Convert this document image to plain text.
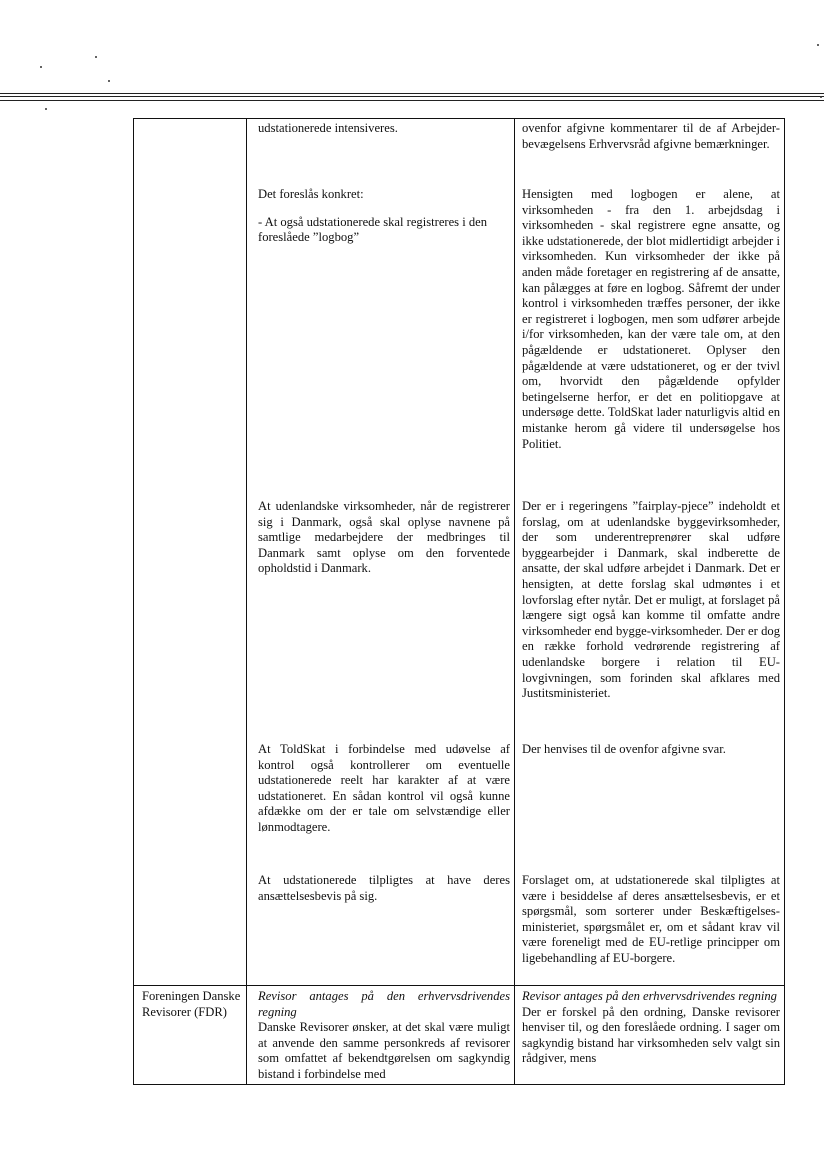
udstationerede intensiveres.	ovenfor afgivne kommentarer til de af Arbejder-bevægelsens Erhvervsråd afgivne bemærkninger.

Det foreslås konkret:

- At også udstationerede skal registreres i den foreslåede ”logbog”

Hensigten med logbogen er alene, at virksomheden - fra den 1. arbejdsdag i virksomheden - skal registrere egne ansatte, og ikke udstationerede, der blot midlertidigt arbejder i virksomheden. Kun virksomheder der ikke på anden måde foretager en registrering af de ansatte, kan pålægges at føre en logbog. Såfremt der under kontrol i virksomheden træffes personer, der ikke er registreret i logbogen, men som udfører arbejde i/for virksomheden, kan der være tale om, at den pågældende er udstationeret. Oplyser den pågældende at være udstationeret, og er der tvivl om, hvorvidt den pågældende opfylder betingelserne herfor, er det en politiopgave at undersøge dette. ToldSkat lader naturligvis altid en mistanke herom gå videre til undersøgelse hos Politiet.

At udenlandske virksomheder, når de registrerer sig i Danmark, også skal oplyse navnene på samtlige medarbejdere der medbringes til Danmark samt oplyse om den forventede opholdstid i Danmark.

Der er i regeringens ”fairplay-pjece” indeholdt et forslag, om at udenlandske byggevirksomheder, der som underentreprenører skal udføre byggearbejder i Danmark, skal indberette de ansatte, der skal udføre arbejdet i Danmark. Det er hensigten, at dette forslag skal udmøntes i et lovforslag efter nytår. Det er muligt, at forslaget på længere sigt også kan komme til omfatte andre virksomheder end bygge-virksomheder. Der er dog en række forhold vedrørende registrering af udenlandske borgere i relation til EU-lovgivningen, som forinden skal afklares med Justitsministeriet.

At ToldSkat i forbindelse med udøvelse af kontrol også kontrollerer om eventuelle udstationerede reelt har karakter af at være udstationeret. En sådan kontrol vil også kunne afdække om der er tale om selvstændige eller lønmodtagere.

Der henvises til de ovenfor afgivne svar.

At udstationerede tilpligtes at have deres ansættelsesbevis på sig.

Forslaget om, at udstationerede skal tilpligtes at være i besiddelse af deres ansættelsesbevis, er et spørgsmål, som sorterer under Beskæftigelses-ministeriet, spørgsmålet er, om et sådant krav vil være foreneligt med de EU-retlige principper om ligebehandling af EU-borgere.

Foreningen Danske Revisorer (FDR)

Revisor antages på den erhvervsdrivendes regning

Danske Revisorer ønsker, at det skal være muligt at anvende den samme personkreds af revisorer som omfattet af bekendtgørelsen om sagkyndig bistand i forbindelse med

Revisor antages på den erhvervsdrivendes regning

Der er forskel på den ordning, Danske revisorer henviser til, og den foreslåede ordning. I sager om sagkyndig bistand har virksomheden selv valgt sin rådgiver, mens
